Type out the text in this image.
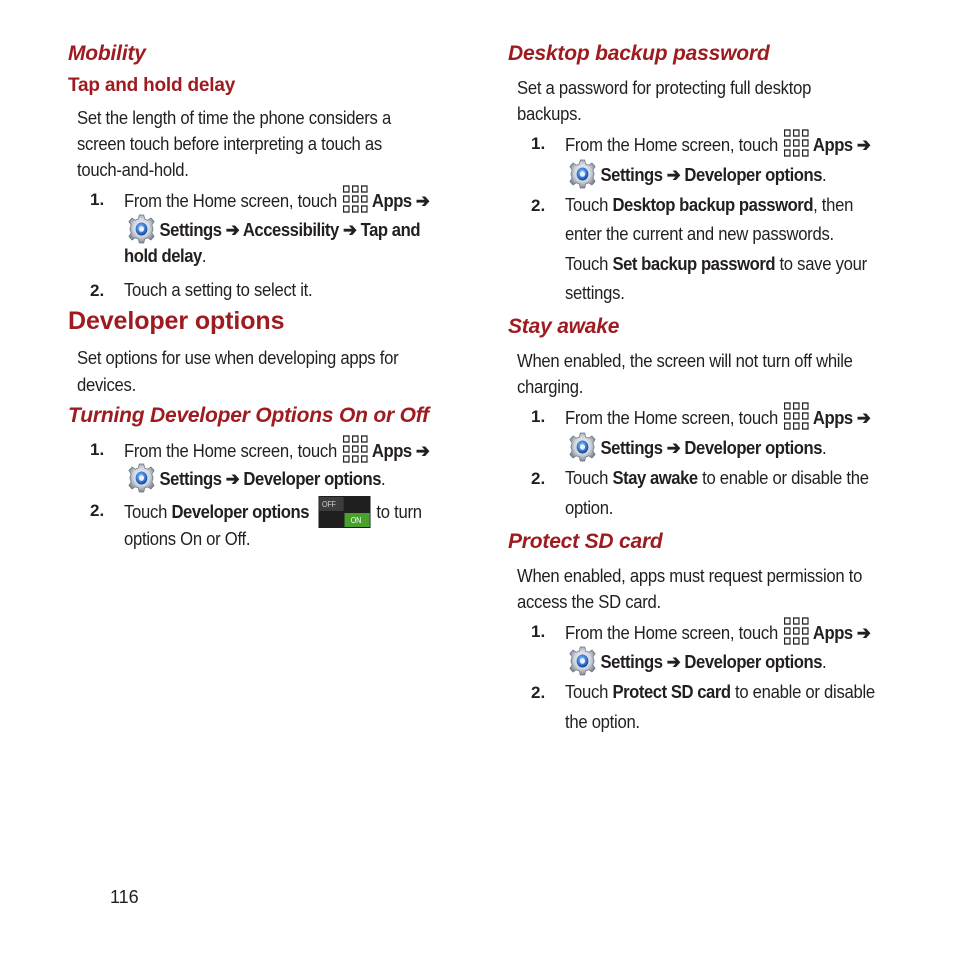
Mobility
Tap and hold delay
Set the length of time the phone considers a
screen touch before interpreting a touch as
touch-and-hold.
1. From the Home screen, touch Apps ➔
Settings ➔ Accessibility ➔ Tap and
hold delay.
2. Touch a setting to select it.
Developer options
Set options for use when developing apps for
devices.
Turning Developer Options On or Off
1. From the Home screen, touch Apps ➔
Settings ➔ Developer options.
2. Touch Developer options OFF
ON to turn
options On or Off.
116
Desktop backup password
Set a password for protecting full desktop
backups.
1. From the Home screen, touch Apps ➔
Settings ➔ Developer options.
2. Touch Desktop backup password, then
enter the current and new passwords.
Touch Set backup password to save your
settings.
Stay awake
When enabled, the screen will not turn off while
charging.
1. From the Home screen, touch Apps ➔
Settings ➔ Developer options.
2. Touch Stay awake to enable or disable the
option.
Protect SD card
When enabled, apps must request permission to
access the SD card.
1. From the Home screen, touch Apps ➔
Settings ➔ Developer options.
2. Touch Protect SD card to enable or disable
the option.
